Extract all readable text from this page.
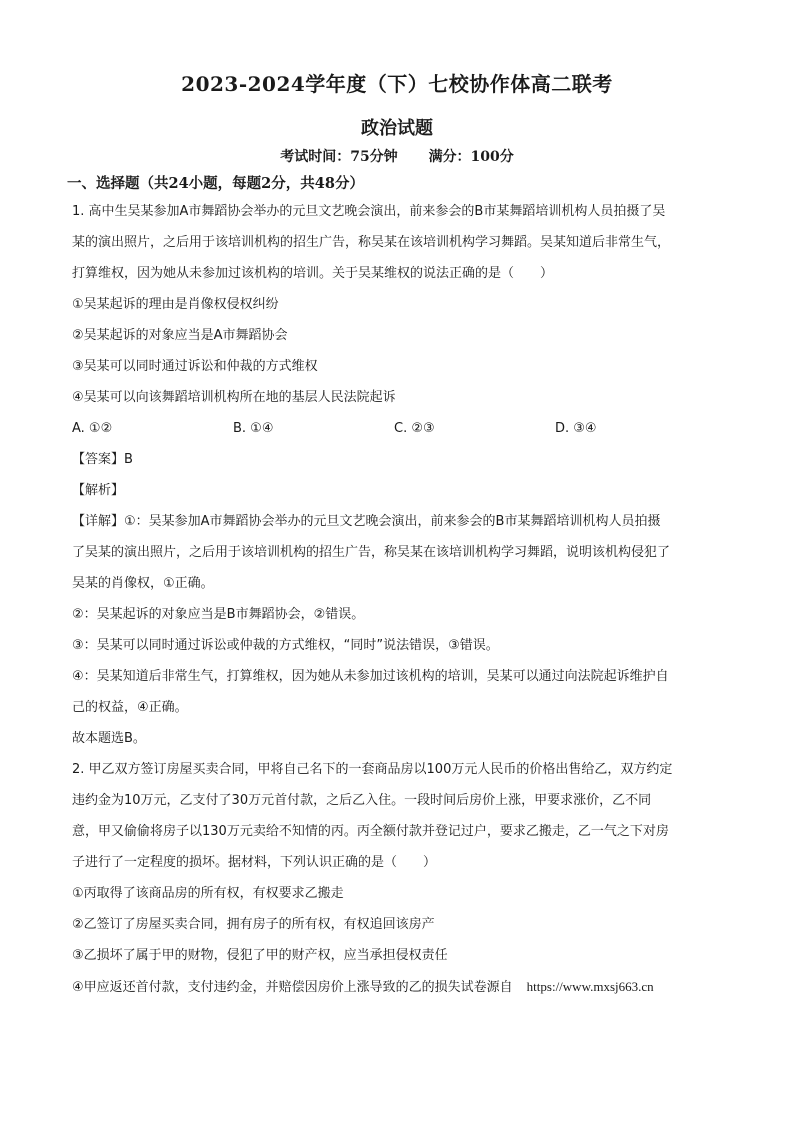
2023-2024学年度（下）七校协作体高二联考
政治试题
考试时间：75分钟 满分：100分
一、选择题（共24小题，每题2分，共48分）
1. 高中生吴某参加A市舞蹈协会举办的元旦文艺晚会演出，前来参会的B市某舞蹈培训机构人员拍摄了吴
某的演出照片，之后用于该培训机构的招生广告，称吴某在该培训机构学习舞蹈。吴某知道后非常生气，
打算维权，因为她从未参加过该机构的培训。关于吴某维权的说法正确的是（　　）
①吴某起诉的理由是肖像权侵权纠纷
②吴某起诉的对象应当是A市舞蹈协会
③吴某可以同时通过诉讼和仲裁的方式维权
④吴某可以向该舞蹈培训机构所在地的基层人民法院起诉
A. ①②	B. ①④	C. ②③	D. ③④
【答案】B
【解析】
【详解】①：吴某参加A市舞蹈协会举办的元旦文艺晚会演出，前来参会的B市某舞蹈培训机构人员拍摄
了吴某的演出照片，之后用于该培训机构的招生广告，称吴某在该培训机构学习舞蹈，说明该机构侵犯了
吴某的肖像权，①正确。
②：吴某起诉的对象应当是B市舞蹈协会，②错误。
③：吴某可以同时通过诉讼或仲裁的方式维权，“同时”说法错误，③错误。
④：吴某知道后非常生气，打算维权，因为她从未参加过该机构的培训，吴某可以通过向法院起诉维护自
己的权益，④正确。
故本题选B。
2. 甲乙双方签订房屋买卖合同，甲将自己名下的一套商品房以100万元人民币的价格出售给乙，双方约定
违约金为10万元，乙支付了30万元首付款，之后乙入住。一段时间后房价上涨，甲要求涨价，乙不同
意，甲又偷偷将房子以130万元卖给不知情的丙。丙全额付款并登记过户，要求乙搬走，乙一气之下对房
子进行了一定程度的损坏。据材料，下列认识正确的是（　　）
①丙取得了该商品房的所有权，有权要求乙搬走
②乙签订了房屋买卖合同，拥有房子的所有权，有权追回该房产
③乙损坏了属于甲的财物，侵犯了甲的财产权，应当承担侵权责任
④甲应返还首付款，支付违约金，并赔偿因房价上涨导致的乙的损失试卷源自 https://www.mxsj663.cn
